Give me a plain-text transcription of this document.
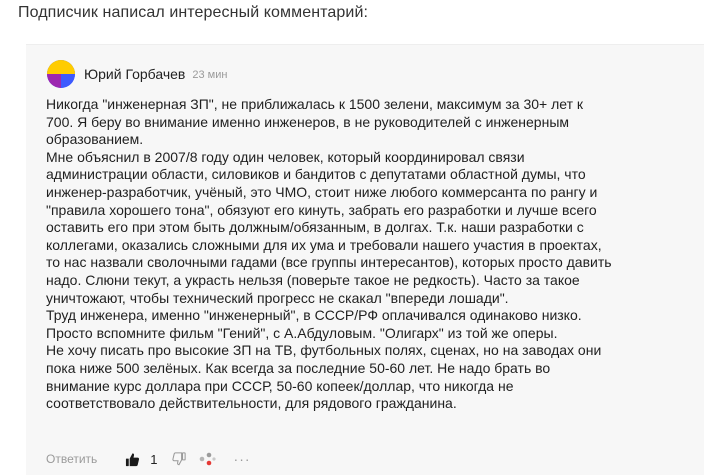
Подписчик написал интересный комментарий:
Юрий Горбачев 23 мин
Никогда "инженерная ЗП", не приближалась к 1500 зелени, максимум за 30+ лет к
700. Я беру во внимание именно инженеров, в не руководителей с инженерным
образованием.
Мне объяснил в 2007/8 году один человек, который координировал связи
администрации области, силовиков и бандитов с депутатами областной думы, что
инженер-разработчик, учёный, это ЧМО, стоит ниже любого коммерсанта по рангу и
"правила хорошего тона", обязуют его кинуть, забрать его разработки и лучше всего
оставить его при этом быть должным/обязанным, в долгах. Т.к. наши разработки с
коллегами, оказались сложными для их ума и требовали нашего участия в проектах,
то нас назвали сволочными гадами (все группы интересантов), которых просто давить
надо. Слюни текут, а украсть нельзя (поверьте такое не редкость). Часто за такое
уничтожают, чтобы технический прогресс не скакал "впереди лошади".
Труд инженера, именно "инженерный", в СССР/РФ оплачивался одинаково низко.
Просто вспомните фильм "Гений", с А.Абдуловым. "Олигарх" из той же оперы.
Не хочу писать про высокие ЗП на ТВ, футбольных полях, сценах, но на заводах они
пока ниже 500 зелёных. Как всегда за последние 50-60 лет. Не надо брать во
внимание курс доллара при СССР, 50-60 копеек/доллар, что никогда не
соответствовало действительности, для рядового гражданина.
Ответить	1	···
